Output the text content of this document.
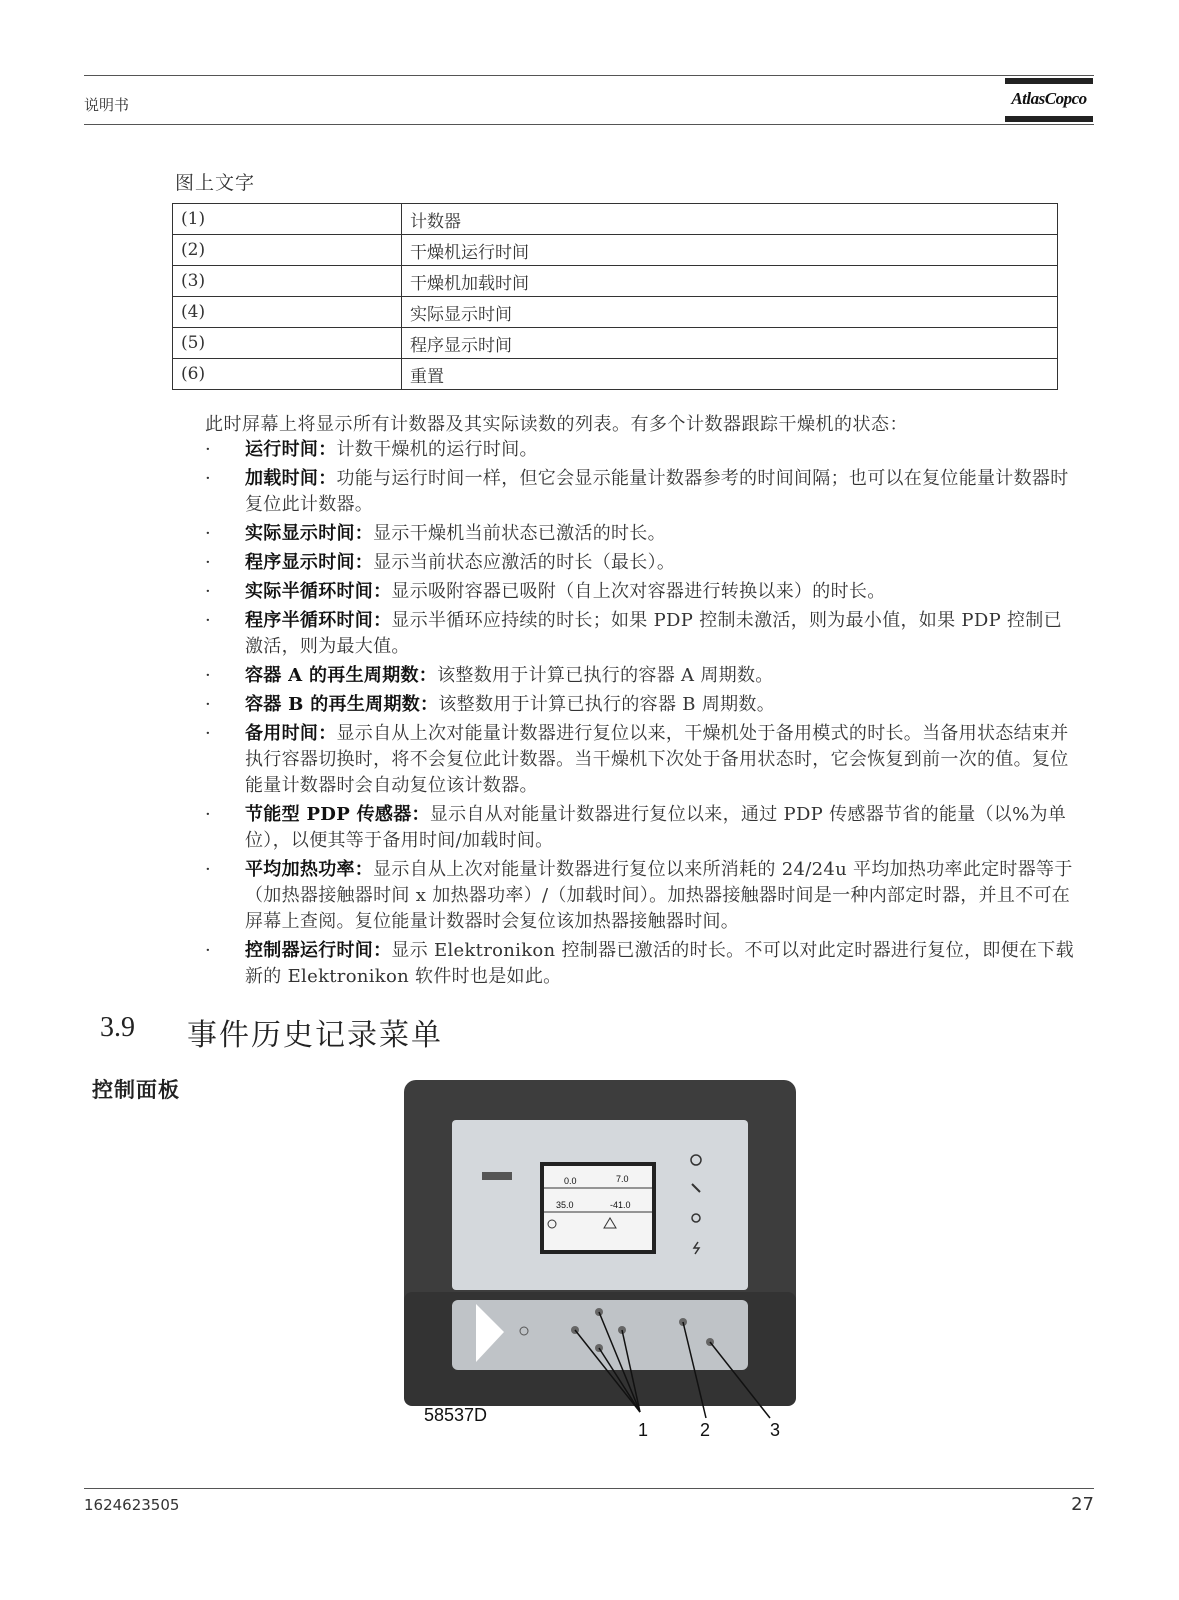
说明书	AtlasCopco
图上文字
(1)	计数器
(2)	干燥机运行时间
(3)	干燥机加载时间
(4)	实际显示时间
(5)	程序显示时间
(6)	重置
此时屏幕上将显示所有计数器及其实际读数的列表。有多个计数器跟踪干燥机的状态：
· 运行时间：计数干燥机的运行时间。
· 加载时间：功能与运行时间一样，但它会显示能量计数器参考的时间间隔；也可以在复位能量计数器时复位此计数器。
· 实际显示时间：显示干燥机当前状态已激活的时长。
· 程序显示时间：显示当前状态应激活的时长（最长）。
· 实际半循环时间：显示吸附容器已吸附（自上次对容器进行转换以来）的时长。
· 程序半循环时间：显示半循环应持续的时长；如果 PDP 控制未激活，则为最小值，如果 PDP 控制已激活，则为最大值。
· 容器 A 的再生周期数：该整数用于计算已执行的容器 A 周期数。
· 容器 B 的再生周期数：该整数用于计算已执行的容器 B 周期数。
· 备用时间：显示自从上次对能量计数器进行复位以来，干燥机处于备用模式的时长。当备用状态结束并执行容器切换时，将不会复位此计数器。当干燥机下次处于备用状态时，它会恢复到前一次的值。复位能量计数器时会自动复位该计数器。
· 节能型 PDP 传感器：显示自从对能量计数器进行复位以来，通过 PDP 传感器节省的能量（以%为单位），以便其等于备用时间/加载时间。
· 平均加热功率：显示自从上次对能量计数器进行复位以来所消耗的 24/24u 平均加热功率此定时器等于（加热器接触器时间 x 加热器功率）/（加载时间）。加热器接触器时间是一种内部定时器，并且不可在屏幕上查阅。复位能量计数器时会复位该加热器接触器时间。
· 控制器运行时间：显示 Elektronikon 控制器已激活的时长。不可以对此定时器进行复位，即便在下载新的 Elektronikon 软件时也是如此。
3.9 事件历史记录菜单
控制面板
0.0	7.0
35.0	-41.0
58537D
1	2	3
1624623505	27
